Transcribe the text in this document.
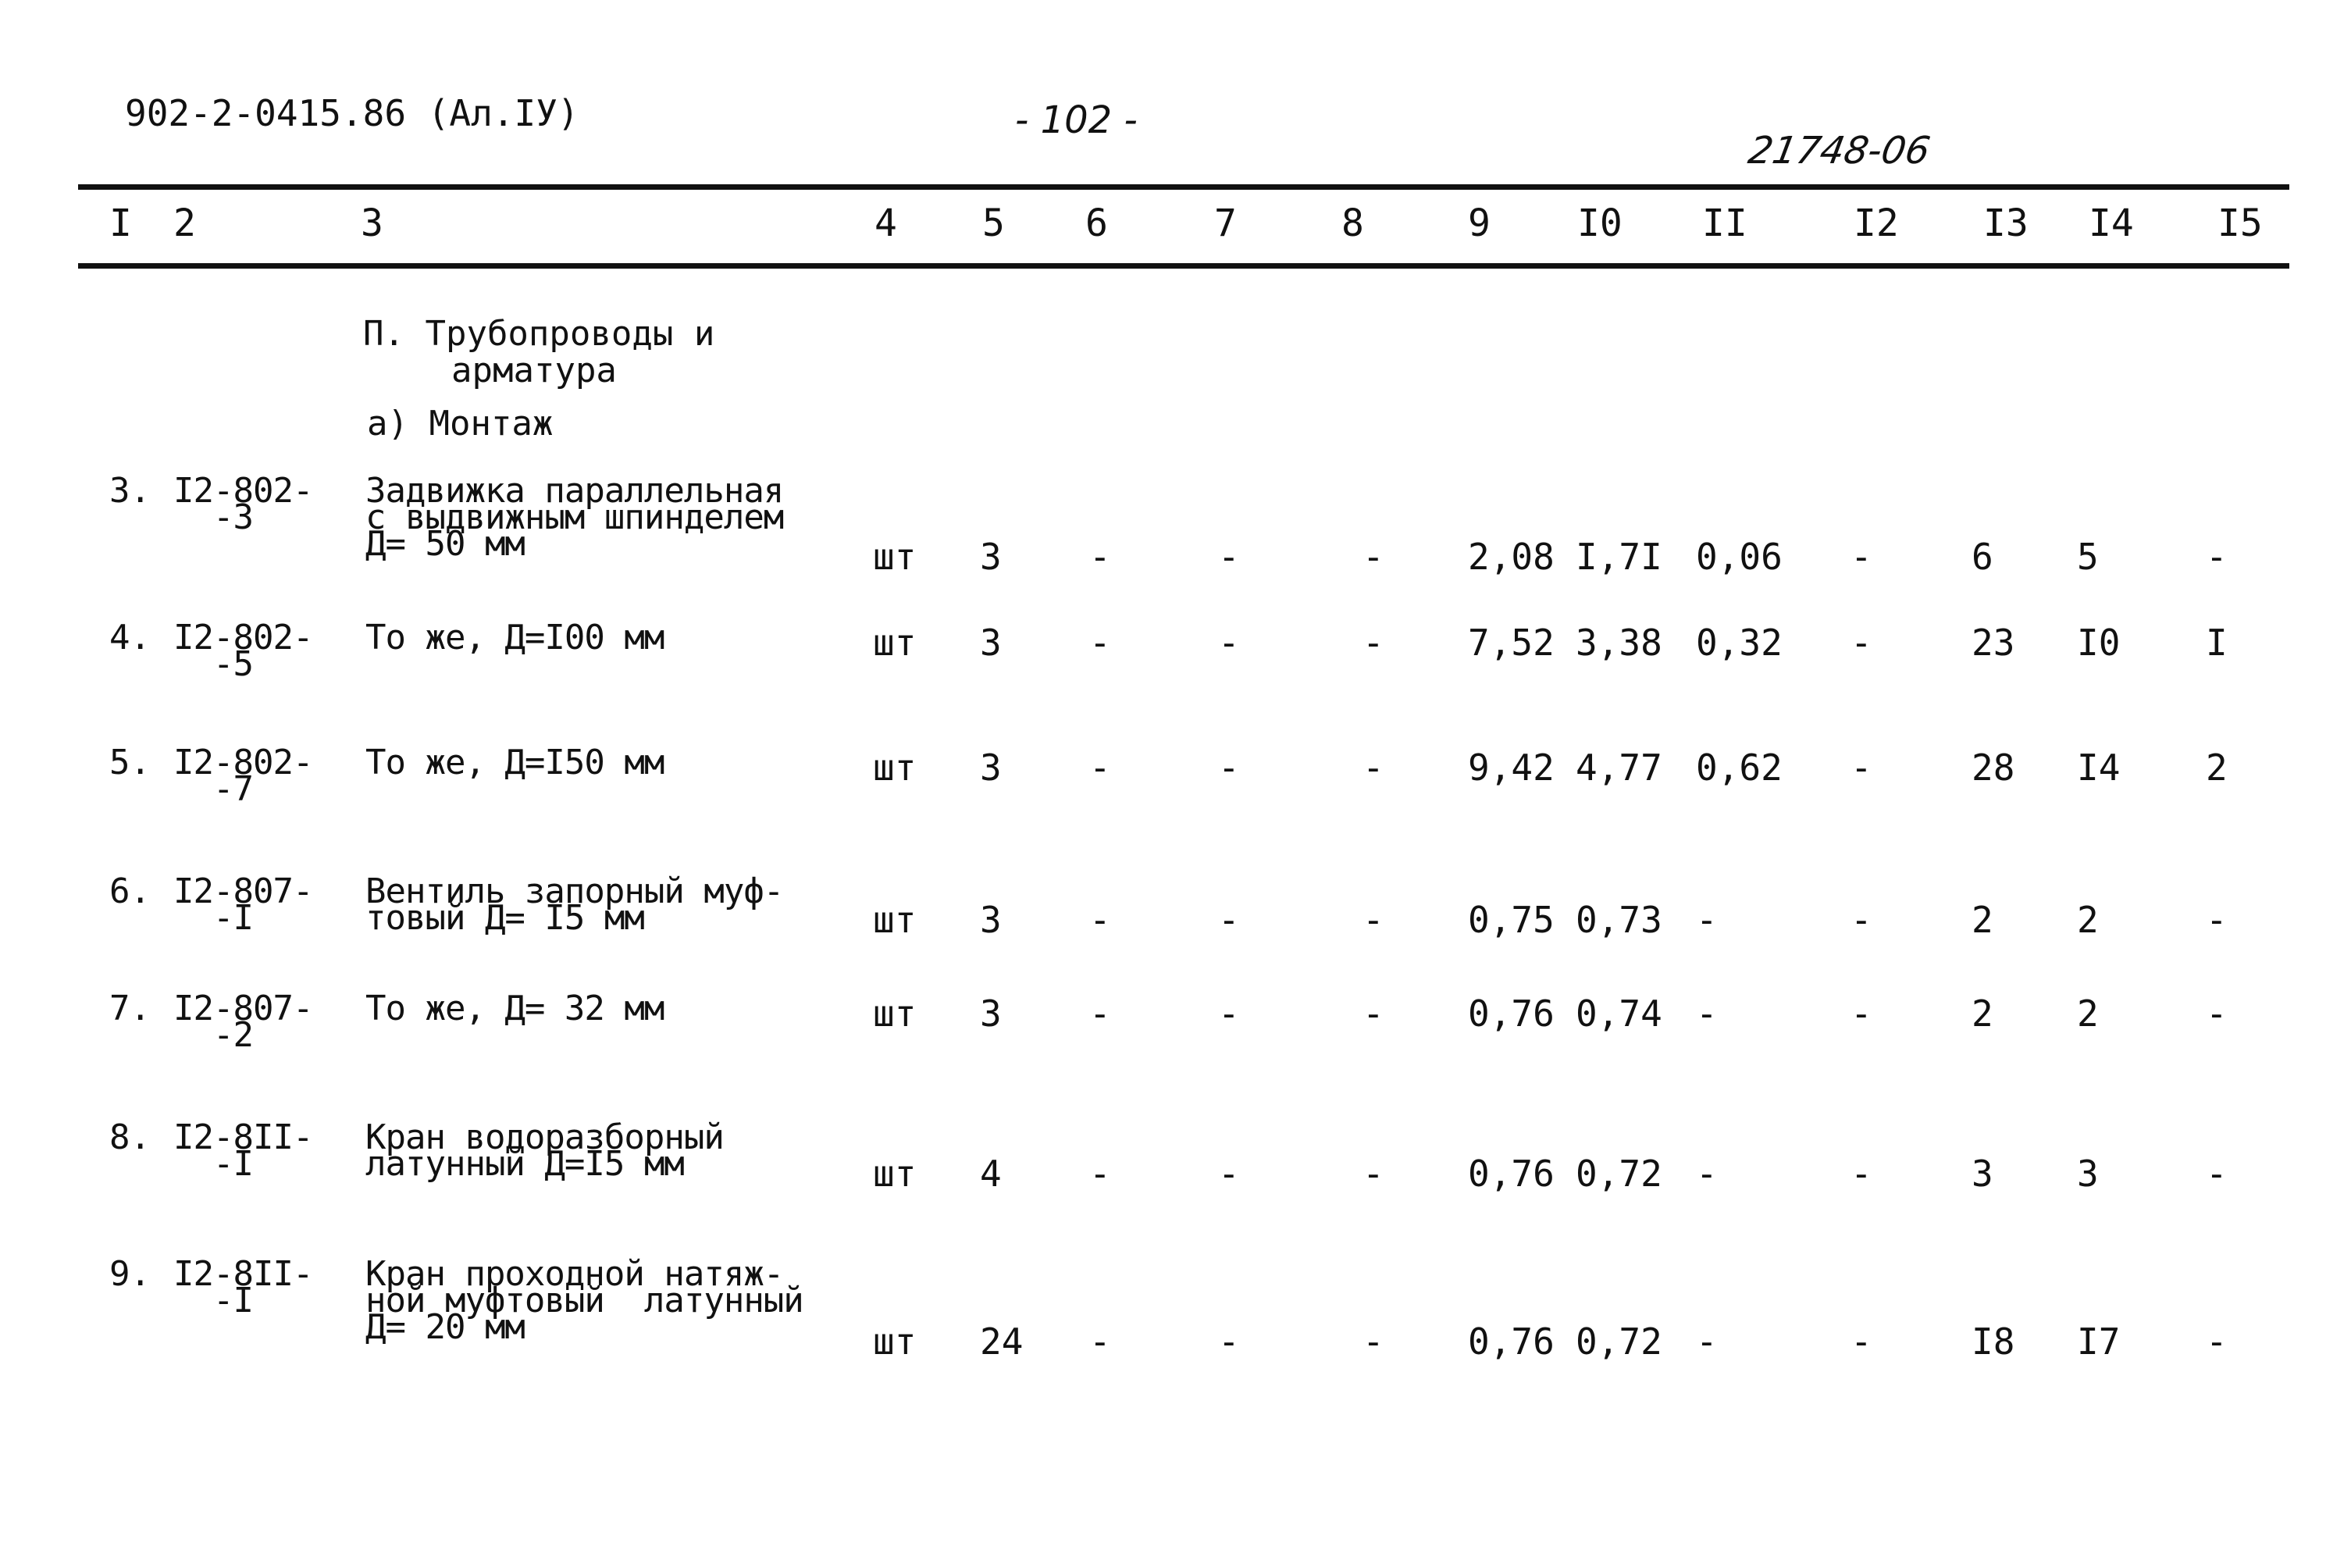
902-2-0415.86 (Ал.IУ)	- 102 -
21748-06
I 2	3	4 5 6	7	8	9 I0 II	I2 I3 I4 I5
П. Трубопроводы и
арматура
а) Монтаж
3. I2-802-
-3
Задвижка параллельная
с выдвижным шпинделем
Д= 50 мм	шт 3 -	-	- 2,08 I,7I 0,06 -	6 5	-
4. I2-802-
-5
То же, Д=I00 мм	шт 3 -	-	- 7,52 3,38 0,32 -	23 I0 I
5. I2-802-
-7
То же, Д=I50 мм	шт 3 -	-	- 9,42 4,77 0,62 -	28 I4 2
6. I2-807-
-I
Вентиль запорный муф-
товый Д= I5 мм	шт 3 -	-	- 0,75 0,73 -	-	2 2	-
7. I2-807-
-2
То же, Д= 32 мм	шт 3 -	-	- 0,76 0,74 -	-	2 2	-
8. I2-8II-
-I
Кран водоразборный
латунный Д=I5 мм	шт 4 -	-	- 0,76 0,72 -	-	3 3	-
9. I2-8II-
-I
Кран проходной натяж-
ной муфтовый  латунный
Д= 20 мм	шт 24 -	-	- 0,76 0,72 -	-	I8 I7 -
